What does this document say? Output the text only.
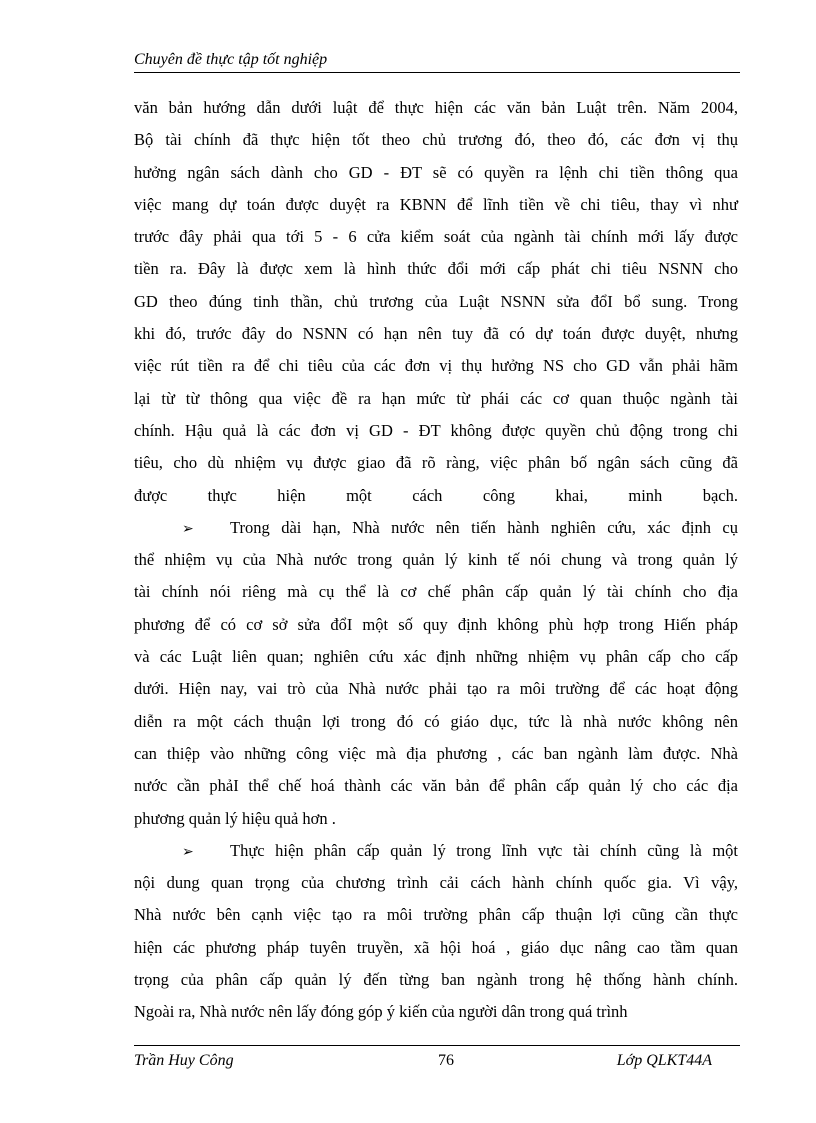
Chuyên đề thực tập tốt nghiệp
văn bản hướng dẫn dưới luật để thực hiện các văn bản Luật trên. Năm 2004,
Bộ tài chính đã thực hiện tốt theo chủ trương đó, theo đó, các đơn vị thụ
hưởng ngân sách dành cho GD - ĐT sẽ có quyền ra lệnh chi tiền thông qua
việc mang dự toán được duyệt ra KBNN để lĩnh tiền về chi tiêu, thay vì như
trước đây phải qua tới 5 - 6 cửa kiểm soát của ngành tài chính mới lấy được
tiền ra. Đây là được xem là hình thức đổi mới cấp phát chi tiêu NSNN cho
GD theo đúng tinh thần, chủ trương của Luật NSNN sửa đổI bổ sung. Trong
khi đó, trước đây do NSNN có hạn nên tuy đã có dự toán được duyệt, nhưng
việc rút tiền ra để chi tiêu của các đơn vị thụ hưởng NS cho GD vẫn phải hãm
lại từ từ thông qua việc đề ra hạn mức từ phái các cơ quan thuộc ngành tài
chính. Hậu quả là các đơn vị GD - ĐT không được quyền chủ động trong chi
tiêu, cho dù nhiệm vụ được giao đã rõ ràng, việc phân bố ngân sách cũng đã
được thực hiện một cách công khai, minh bạch.
➢ Trong dài hạn, Nhà nước nên tiến hành nghiên cứu, xác định cụ
thể nhiệm vụ của Nhà nước trong quản lý kinh tế nói chung và trong quản lý
tài chính nói riêng mà cụ thể là cơ chế phân cấp quản lý tài chính cho địa
phương để có cơ sở sửa đổI một số quy định không phù hợp trong Hiến pháp
và các Luật liên quan; nghiên cứu xác định những nhiệm vụ phân cấp cho cấp
dưới. Hiện nay, vai trò của Nhà nước phải tạo ra môi trường để các hoạt động
diễn ra một cách thuận lợi trong đó có giáo dục, tức là nhà nước không nên
can thiệp vào những công việc mà địa phương , các ban ngành làm được. Nhà
nước cần phảI thể chế hoá thành các văn bản để phân cấp quản lý cho các địa
phương quản lý hiệu quả hơn .
➢ Thực hiện phân cấp quản lý trong lĩnh vực tài chính cũng là một
nội dung quan trọng của chương trình cải cách hành chính quốc gia. Vì vậy,
Nhà nước bên cạnh việc tạo ra môi trường phân cấp thuận lợi cũng cần thực
hiện các phương pháp tuyên truyền, xã hội hoá , giáo dục nâng cao tầm quan
trọng của phân cấp quản lý đến từng ban ngành trong hệ thống hành chính.
Ngoài ra, Nhà nước nên lấy đóng góp ý kiến của người dân trong quá trình
Trần Huy Công	76	Lớp QLKT44A
